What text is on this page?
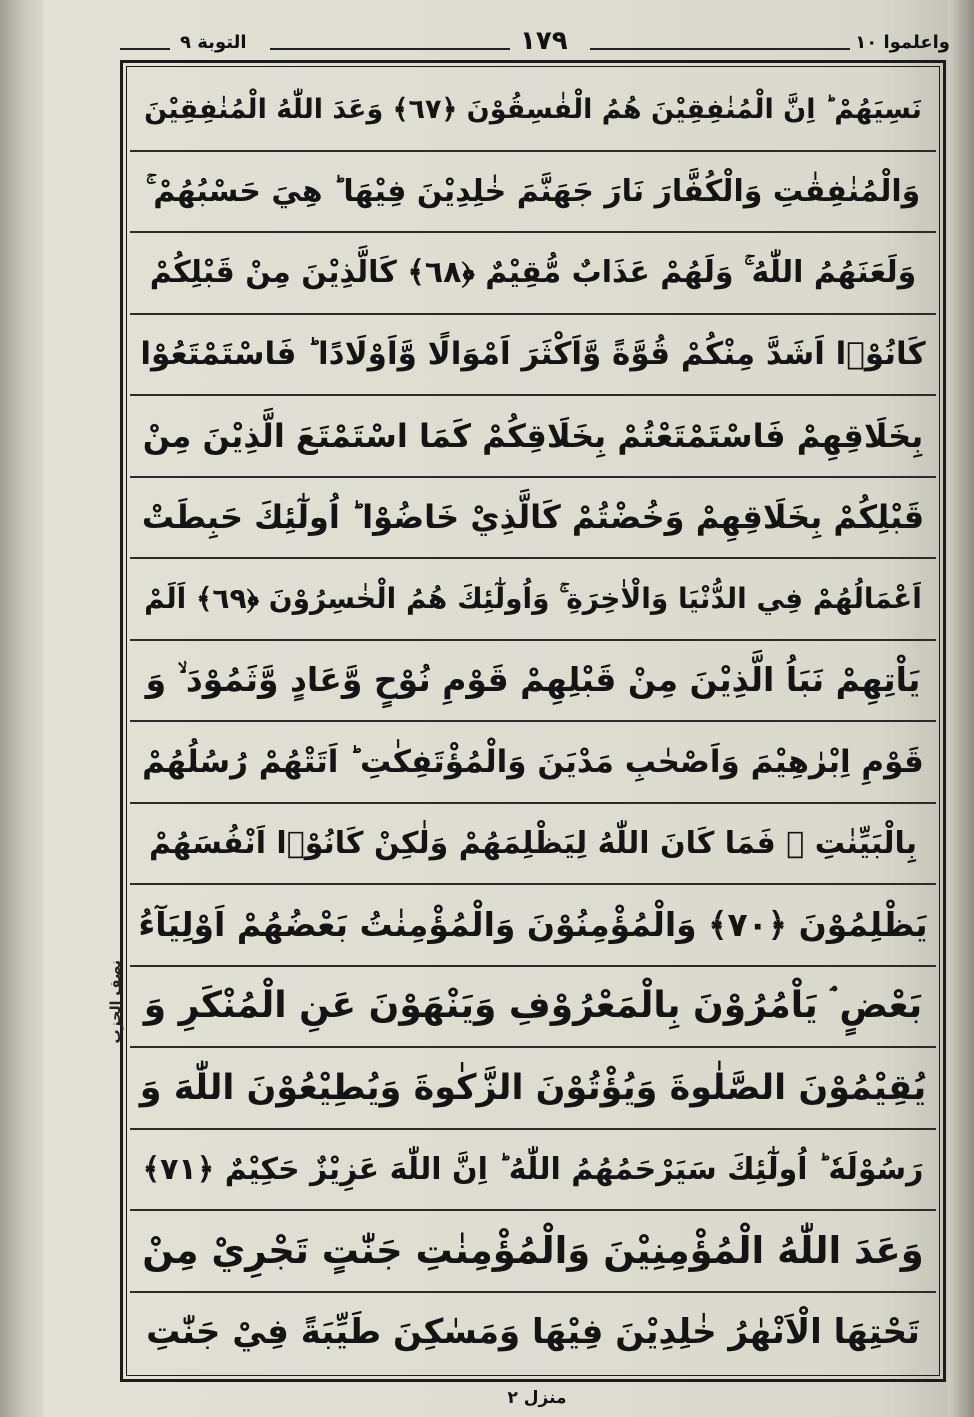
التوبة ٩	١٧٩	واعلموا ١٠
نَسِيَهُمْ ؕ اِنَّ الْمُنٰفِقِيْنَ هُمُ الْفٰسِقُوْنَ ﴿٦٧﴾ وَعَدَ اللّٰهُ الْمُنٰفِقِيْنَ
وَالْمُنٰفِقٰتِ وَالْكُفَّارَ نَارَ جَهَنَّمَ خٰلِدِيْنَ فِيْهَا ؕ هِيَ حَسْبُهُمْ ۚ
وَلَعَنَهُمُ اللّٰهُ ۚ وَلَهُمْ عَذَابٌ مُّقِيْمٌ ﴿٦٨﴾ كَالَّذِيْنَ مِنْ قَبْلِكُمْ
كَانُوْۤا اَشَدَّ مِنْكُمْ قُوَّةً وَّاَكْثَرَ اَمْوَالًا وَّاَوْلَادًا ؕ فَاسْتَمْتَعُوْا
بِخَلَاقِهِمْ فَاسْتَمْتَعْتُمْ بِخَلَاقِكُمْ كَمَا اسْتَمْتَعَ الَّذِيْنَ مِنْ
قَبْلِكُمْ بِخَلَاقِهِمْ وَخُضْتُمْ كَالَّذِيْ خَاضُوْا ؕ اُولٰٓئِكَ حَبِطَتْ
اَعْمَالُهُمْ فِي الدُّنْيَا وَالْاٰخِرَةِ ۚ وَاُولٰٓئِكَ هُمُ الْخٰسِرُوْنَ ﴿٦٩﴾ اَلَمْ
يَاْتِهِمْ نَبَاُ الَّذِيْنَ مِنْ قَبْلِهِمْ قَوْمِ نُوْحٍ وَّعَادٍ وَّثَمُوْدَ ۙ وَ
قَوْمِ اِبْرٰهِيْمَ وَاَصْحٰبِ مَدْيَنَ وَالْمُؤْتَفِكٰتِ ؕ اَتَتْهُمْ رُسُلُهُمْ
بِالْبَيِّنٰتِ ۚ فَمَا كَانَ اللّٰهُ لِيَظْلِمَهُمْ وَلٰكِنْ كَانُوْۤا اَنْفُسَهُمْ
يَظْلِمُوْنَ ﴿٧٠﴾ وَالْمُؤْمِنُوْنَ وَالْمُؤْمِنٰتُ بَعْضُهُمْ اَوْلِيَآءُ
بَعْضٍ ۘ يَاْمُرُوْنَ بِالْمَعْرُوْفِ وَيَنْهَوْنَ عَنِ الْمُنْكَرِ وَ
يُقِيْمُوْنَ الصَّلٰوةَ وَيُؤْتُوْنَ الزَّكٰوةَ وَيُطِيْعُوْنَ اللّٰهَ وَ
رَسُوْلَهٗ ؕ اُولٰٓئِكَ سَيَرْحَمُهُمُ اللّٰهُ ؕ اِنَّ اللّٰهَ عَزِيْزٌ حَكِيْمٌ ﴿٧١﴾
وَعَدَ اللّٰهُ الْمُؤْمِنِيْنَ وَالْمُؤْمِنٰتِ جَنّٰتٍ تَجْرِيْ مِنْ
تَحْتِهَا الْاَنْهٰرُ خٰلِدِيْنَ فِيْهَا وَمَسٰكِنَ طَيِّبَةً فِيْ جَنّٰتِ
نصف الحزب
منزل ٢
